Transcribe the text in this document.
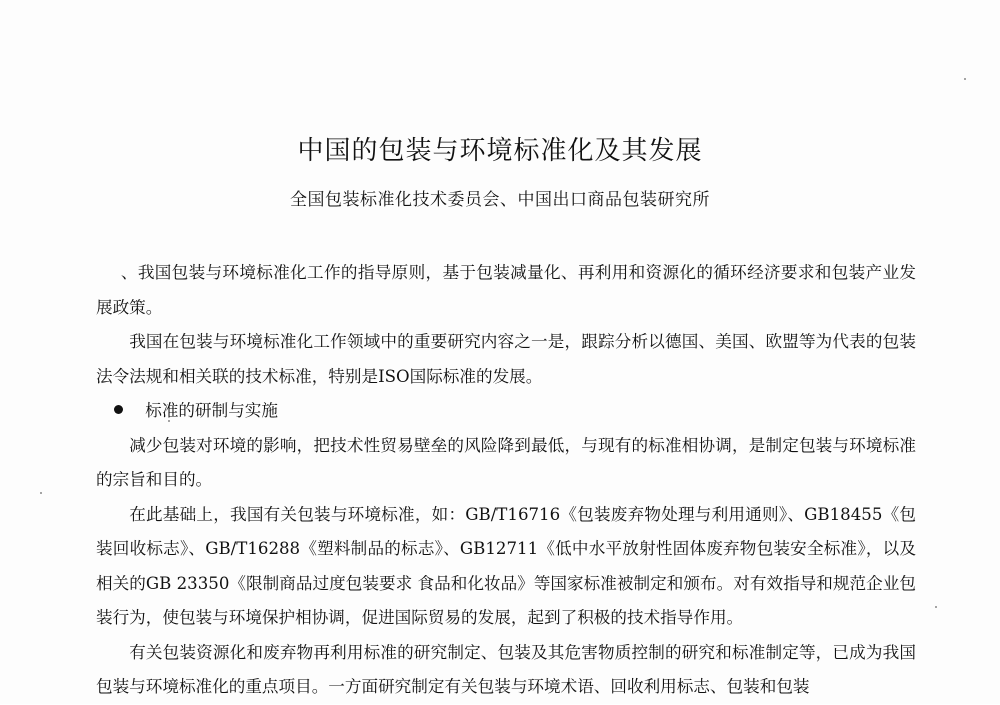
中国的包装与环境标准化及其发展
全国包装标准化技术委员会、中国出口商品包装研究所

、我国包装与环境标准化工作的指导原则，基于包装减量化、再利用和资源化的循环经济要求和包装产业发展政策。

我国在包装与环境标准化工作领域中的重要研究内容之一是，跟踪分析以德国、美国、欧盟等为代表的包装法令法规和相关联的技术标准，特别是ISO国际标准的发展。

标准的研制与实施

减少包装对环境的影响，把技术性贸易壁垒的风险降到最低，与现有的标准相协调，是制定包装与环境标准的宗旨和目的。

在此基础上，我国有关包装与环境标准，如：GB/T16716《包装废弃物处理与利用通则》、GB18455《包装回收标志》、GB/T16288《塑料制品的标志》、GB12711《低中水平放射性固体废弃物包装安全标准》，以及相关的GB 23350《限制商品过度包装要求 食品和化妆品》等国家标准被制定和颁布。对有效指导和规范企业包装行为，使包装与环境保护相协调，促进国际贸易的发展，起到了积极的技术指导作用。

有关包装资源化和废弃物再利用标准的研究制定、包装及其危害物质控制的研究和标准制定等，已成为我国包装与环境标准化的重点项目。一方面研究制定有关包装与环境术语、回收利用标志、包装和包装
